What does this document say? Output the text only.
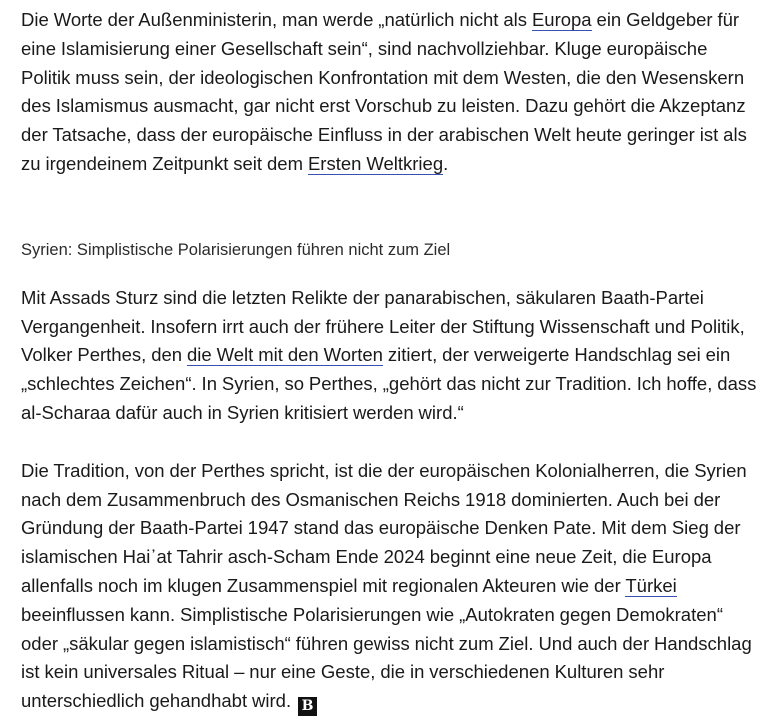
Die Worte der Außenministerin, man werde „natürlich nicht als Europa ein Geldgeber für eine Islamisierung einer Gesellschaft sein“, sind nachvollziehbar. Kluge europäische Politik muss sein, der ideologischen Konfrontation mit dem Westen, die den Wesenskern des Islamismus ausmacht, gar nicht erst Vorschub zu leisten. Dazu gehört die Akzeptanz der Tatsache, dass der europäische Einfluss in der arabischen Welt heute geringer ist als zu irgendeinem Zeitpunkt seit dem Ersten Weltkrieg.

Syrien: Simplistische Polarisierungen führen nicht zum Ziel

Mit Assads Sturz sind die letzten Relikte der panarabischen, säkularen Baath-Partei Vergangenheit. Insofern irrt auch der frühere Leiter der Stiftung Wissenschaft und Politik, Volker Perthes, den die Welt mit den Worten zitiert, der verweigerte Handschlag sei ein „schlechtes Zeichen“. In Syrien, so Perthes, „gehört das nicht zur Tradition. Ich hoffe, dass al-Scharaa dafür auch in Syrien kritisiert werden wird.“

Die Tradition, von der Perthes spricht, ist die der europäischen Kolonialherren, die Syrien nach dem Zusammenbruch des Osmanischen Reichs 1918 dominierten. Auch bei der Gründung der Baath-Partei 1947 stand das europäische Denken Pate. Mit dem Sieg der islamischen Hai᾿at Tahrir asch-Scham Ende 2024 beginnt eine neue Zeit, die Europa allenfalls noch im klugen Zusammenspiel mit regionalen Akteuren wie der Türkei beeinflussen kann. Simplistische Polarisierungen wie „Autokraten gegen Demokraten“ oder „säkular gegen islamistisch“ führen gewiss nicht zum Ziel. Und auch der Handschlag ist kein universales Ritual – nur eine Geste, die in verschiedenen Kulturen sehr unterschiedlich gehandhabt wird. B
